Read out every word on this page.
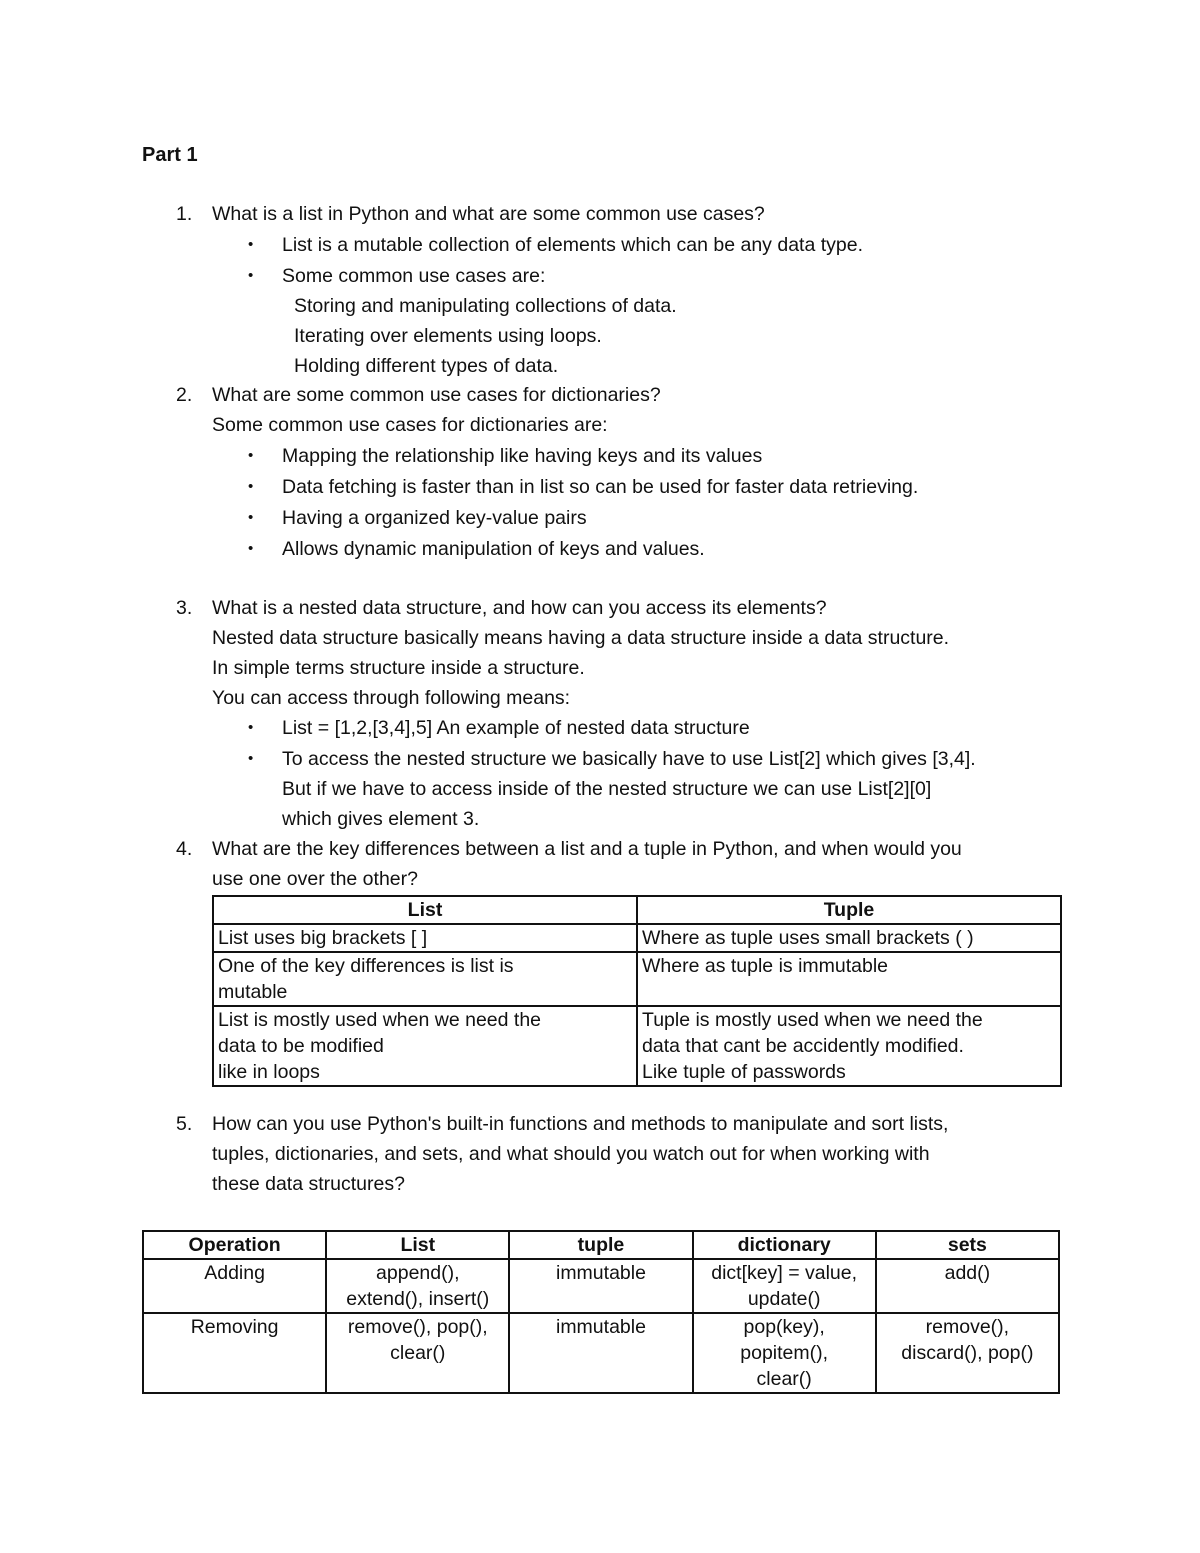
Part 1
1. What is a list in Python and what are some common use cases?
• List is a mutable collection of elements which can be any data type.
• Some common use cases are:
Storing and manipulating collections of data.
Iterating over elements using loops.
Holding different types of data.
2. What are some common use cases for dictionaries?
Some common use cases for dictionaries are:
• Mapping the relationship like having keys and its values
• Data fetching is faster than in list so can be used for faster data retrieving.
• Having a organized key-value pairs
• Allows dynamic manipulation of keys and values.
3. What is a nested data structure, and how can you access its elements?
Nested data structure basically means having a data structure inside a data structure.
In simple terms structure inside a structure.
You can access through following means:
• List = [1,2,[3,4],5] An example of nested data structure
• To access the nested structure we basically have to use List[2] which gives [3,4].
But if we have to access inside of the nested structure we can use List[2][0]
which gives element 3.
4. What are the key differences between a list and a tuple in Python, and when would you
use one over the other?
List	Tuple
List uses big brackets [ ]	Where as tuple uses small brackets ( )
One of the key differences is list is
mutable	Where as tuple is immutable
List is mostly used when we need the
data to be modified
like in loops	Tuple is mostly used when we need the
data that cant be accidently modified.
Like tuple of passwords
5. How can you use Python's built-in functions and methods to manipulate and sort lists,
tuples, dictionaries, and sets, and what should you watch out for when working with
these data structures?
Operation	List	tuple	dictionary	sets
Adding	append(),
extend(), insert()	immutable	dict[key] = value,
update()	add()
Removing	remove(), pop(),
clear()	immutable	pop(key),
popitem(),
clear()	remove(),
discard(), pop()
